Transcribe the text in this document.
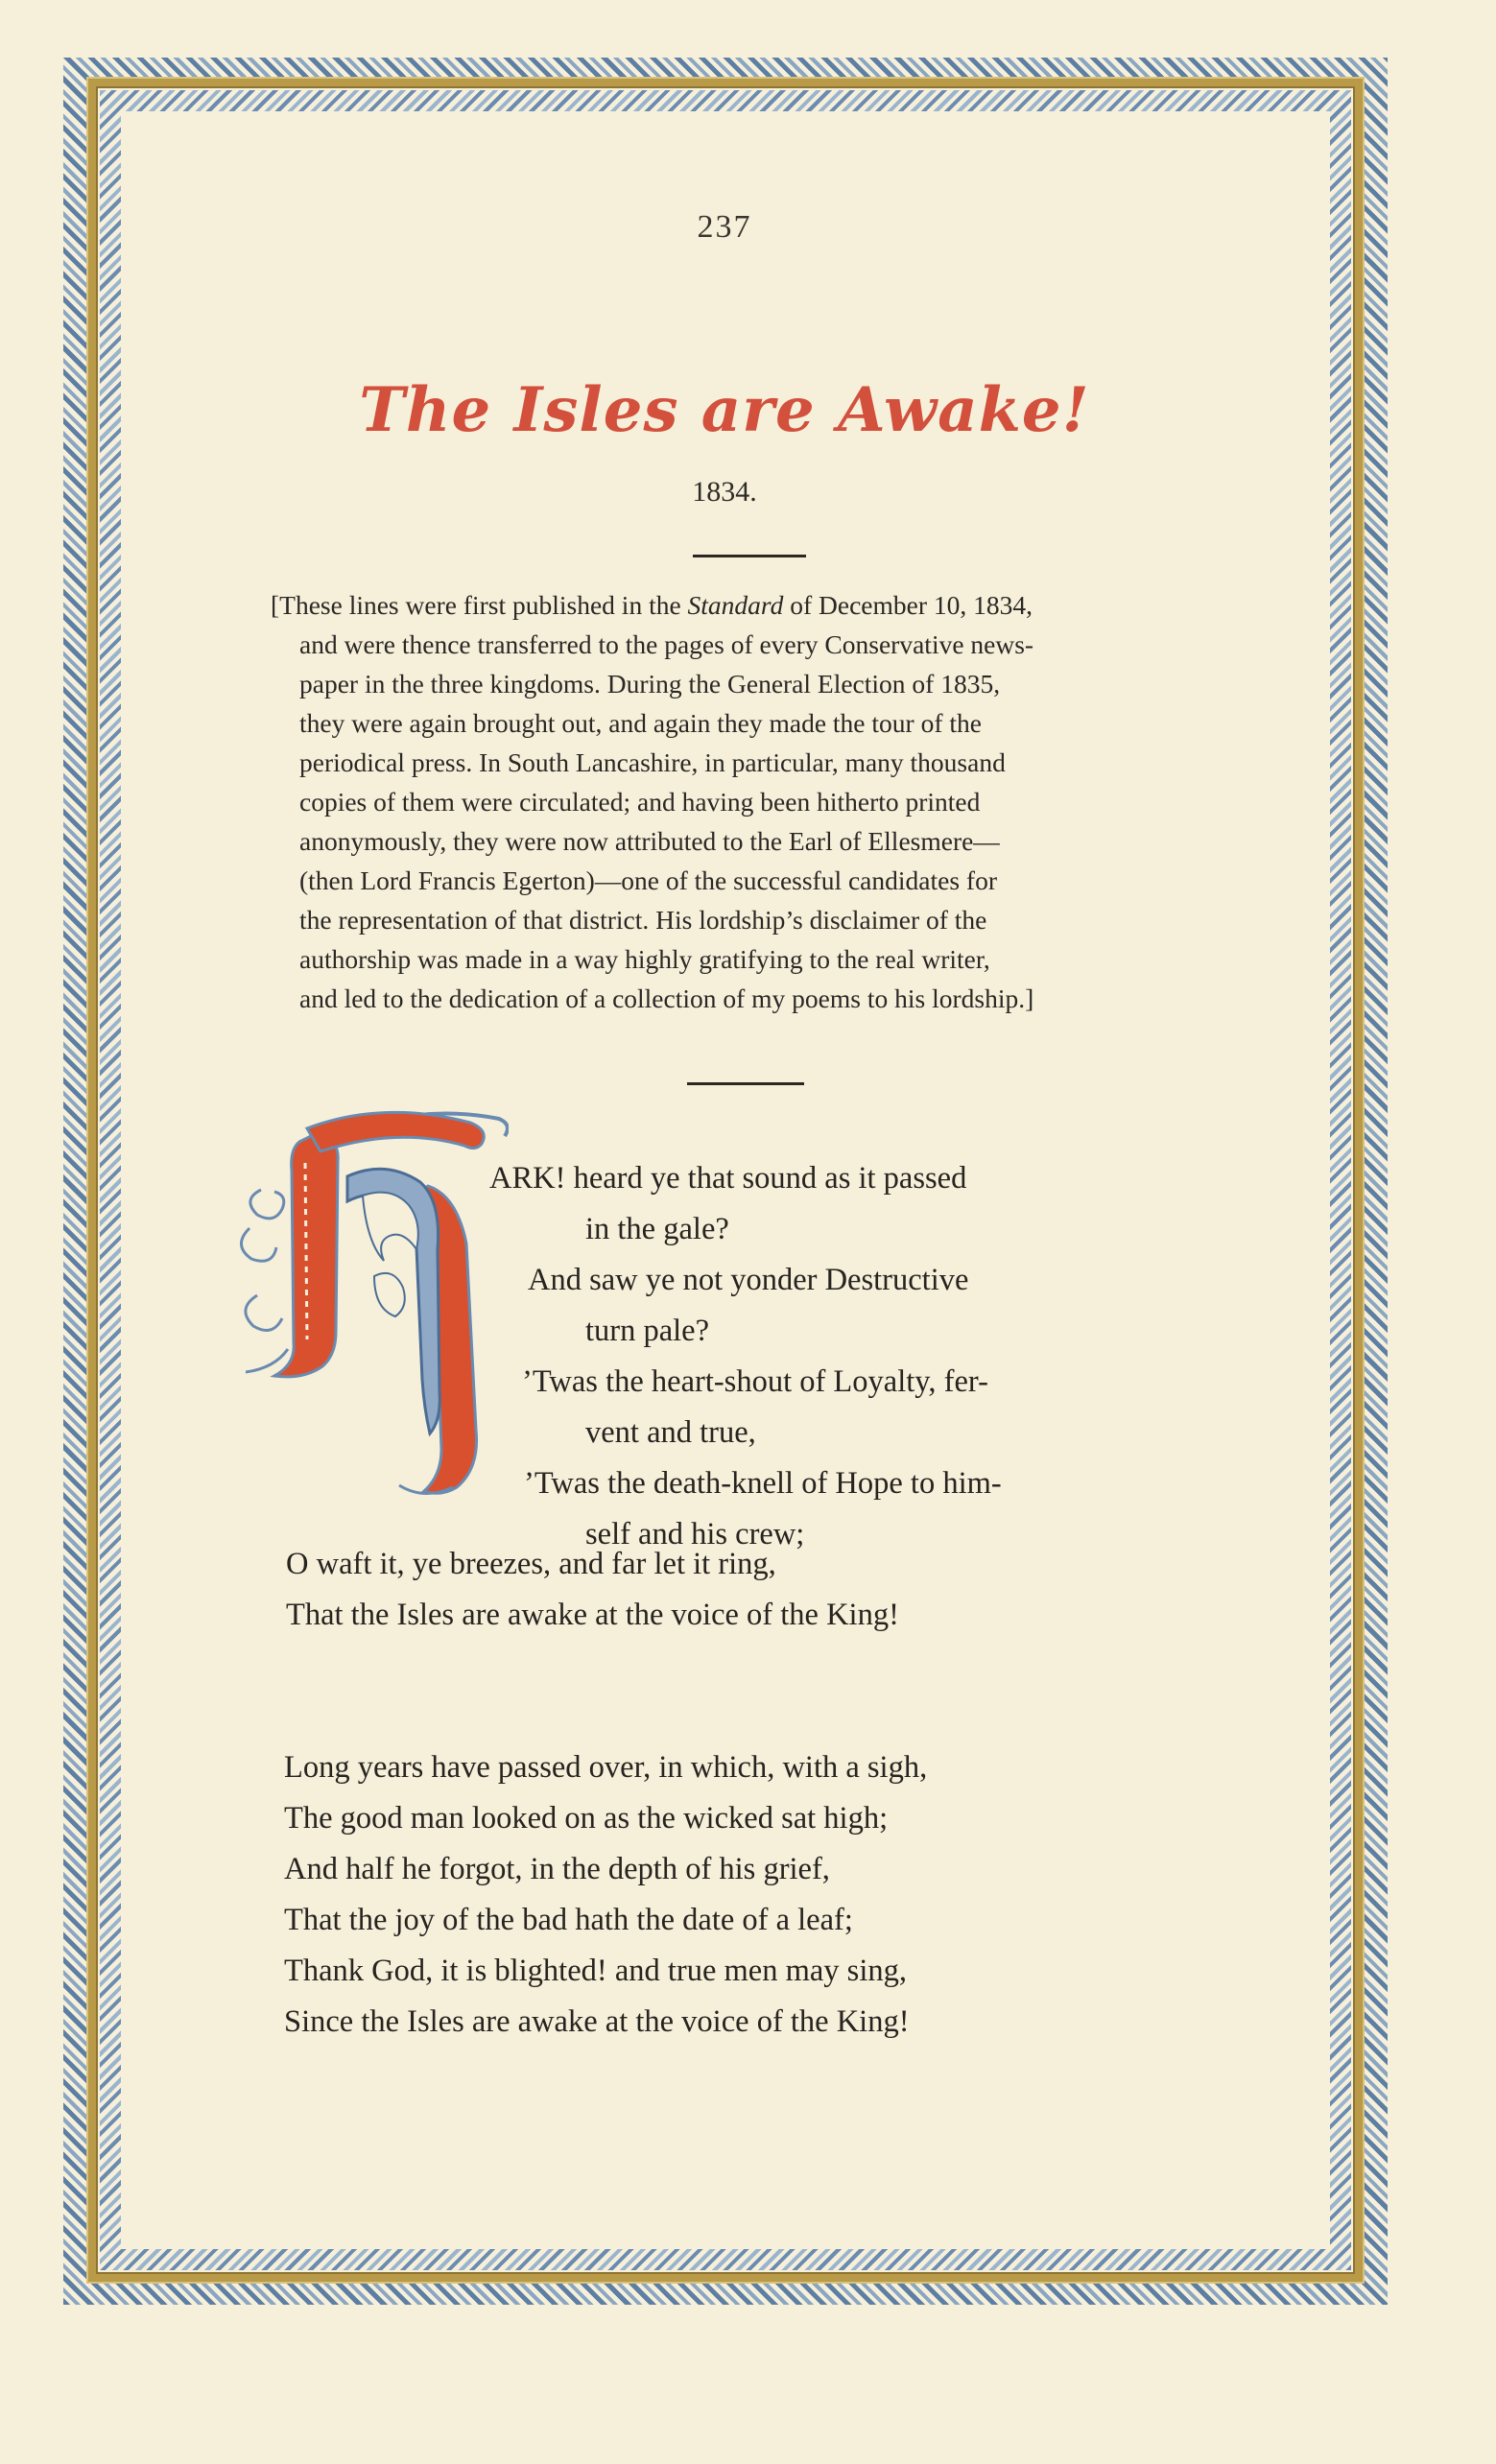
237
The Isles are Awake!
1834.
[These lines were first published in the Standard of December 10, 1834,
and were thence transferred to the pages of every Conservative news-
paper in the three kingdoms. During the General Election of 1835,
they were again brought out, and again they made the tour of the
periodical press. In South Lancashire, in particular, many thousand
copies of them were circulated; and having been hitherto printed
anonymously, they were now attributed to the Earl of Ellesmere—
(then Lord Francis Egerton)—one of the successful candidates for
the representation of that district. His lordship’s disclaimer of the
authorship was made in a way highly gratifying to the real writer,
and led to the dedication of a collection of my poems to his lordship.]
ARK! heard ye that sound as it passed
in the gale?
And saw ye not yonder Destructive
turn pale?
’Twas the heart-shout of Loyalty, fer-
vent and true,
’Twas the death-knell of Hope to him-
self and his crew;
O waft it, ye breezes, and far let it ring,
That the Isles are awake at the voice of the King!
Long years have passed over, in which, with a sigh,
The good man looked on as the wicked sat high;
And half he forgot, in the depth of his grief,
That the joy of the bad hath the date of a leaf;
Thank God, it is blighted! and true men may sing,
Since the Isles are awake at the voice of the King!
